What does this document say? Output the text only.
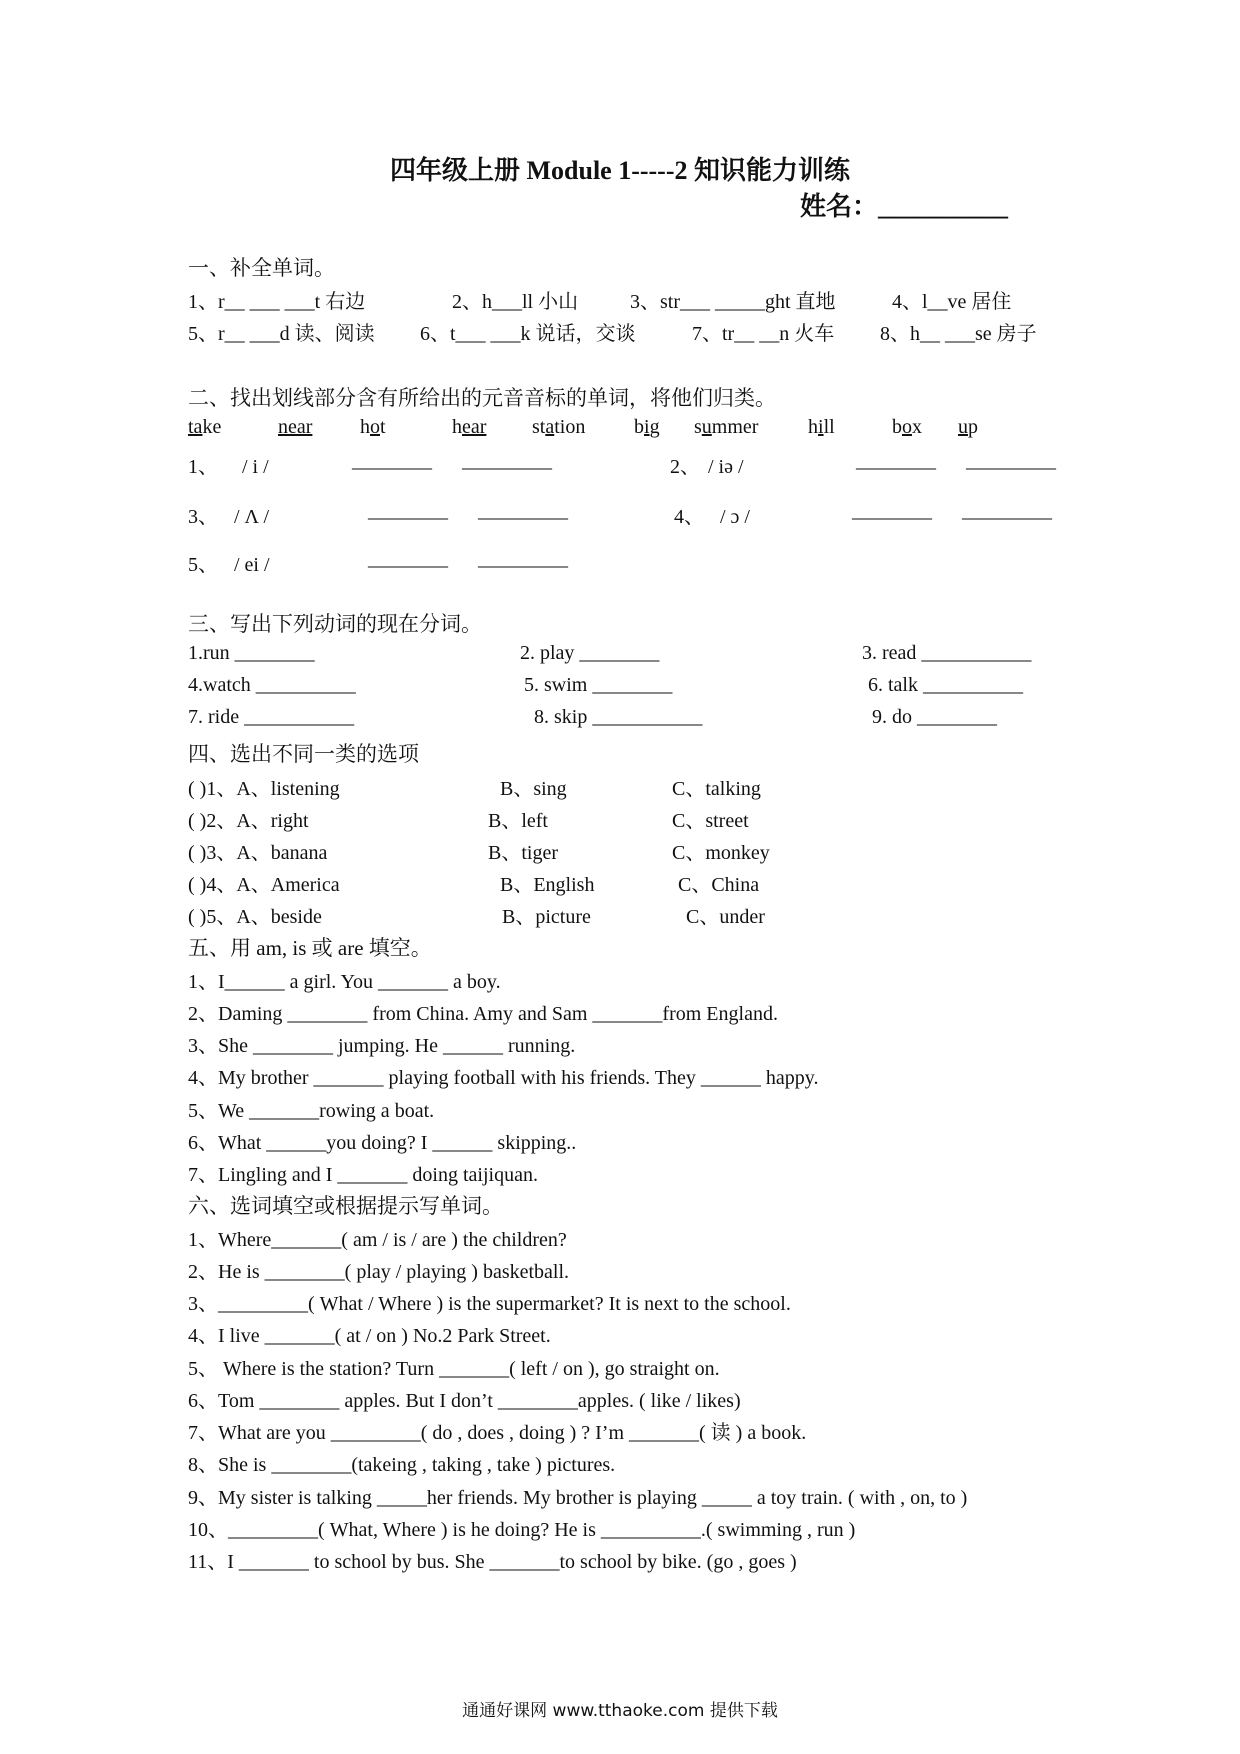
四年级上册 Module 1-----2 知识能力训练
姓名：__________
一、补全单词。
1、r__ ___ ___t 右边	2、h___ll 小山	3、str___ _____ght 直地	4、l__ve 居住
5、r__ ___d 读、阅读 6、t___ ___k 说话，交谈	7、tr__ __n 火车 8、h__ ___se 房子
二、找出划线部分含有所给出的元音音标的单词，将他们归类。
take	near hot	hear station big summer hill	box up
1、 / i /	________ _________	2、 / iə /	________ _________
3、 / Λ /	________ _________	4、 / ɔ /	________ _________
5、 / ei /	________ _________
三、写出下列动词的现在分词。
1.run ________	2. play ________	3. read ___________
4.watch __________	5. swim ________	6. talk __________
7. ride ___________	8. skip ___________	9. do ________
四、选出不同一类的选项
( )1、A、listening	B、sing	C、talking
( )2、A、right	B、left	C、street
( )3、A、banana	B、tiger	C、monkey
( )4、A、America	B、English	C、China
( )5、A、beside	B、picture	C、under
五、用 am, is 或 are 填空。
1、I______ a girl. You _______ a boy.
2、Daming ________ from China. Amy and Sam _______from England.
3、She ________ jumping. He ______ running.
4、My brother _______ playing football with his friends. They ______ happy.
5、We _______rowing a boat.
6、What ______you doing? I ______ skipping..
7、Lingling and I _______ doing taijiquan.
六、选词填空或根据提示写单词。
1、Where_______( am / is / are ) the children?
2、He is ________( play / playing ) basketball.
3、_________( What / Where ) is the supermarket? It is next to the school.
4、I live _______( at / on ) No.2 Park Street.
5、 Where is the station? Turn _______( left / on ), go straight on.
6、Tom ________ apples. But I don’t ________apples. ( like / likes)
7、What are you _________( do , does , doing ) ? I’m _______( 读 ) a book.
8、She is ________(takeing , taking , take ) pictures.
9、My sister is talking _____her friends. My brother is playing _____ a toy train. ( with , on, to )
10、_________( What, Where ) is he doing? He is __________.( swimming , run )
11、I _______ to school by bus. She _______to school by bike. (go , goes )
通通好课网 www.tthaoke.com 提供下载
